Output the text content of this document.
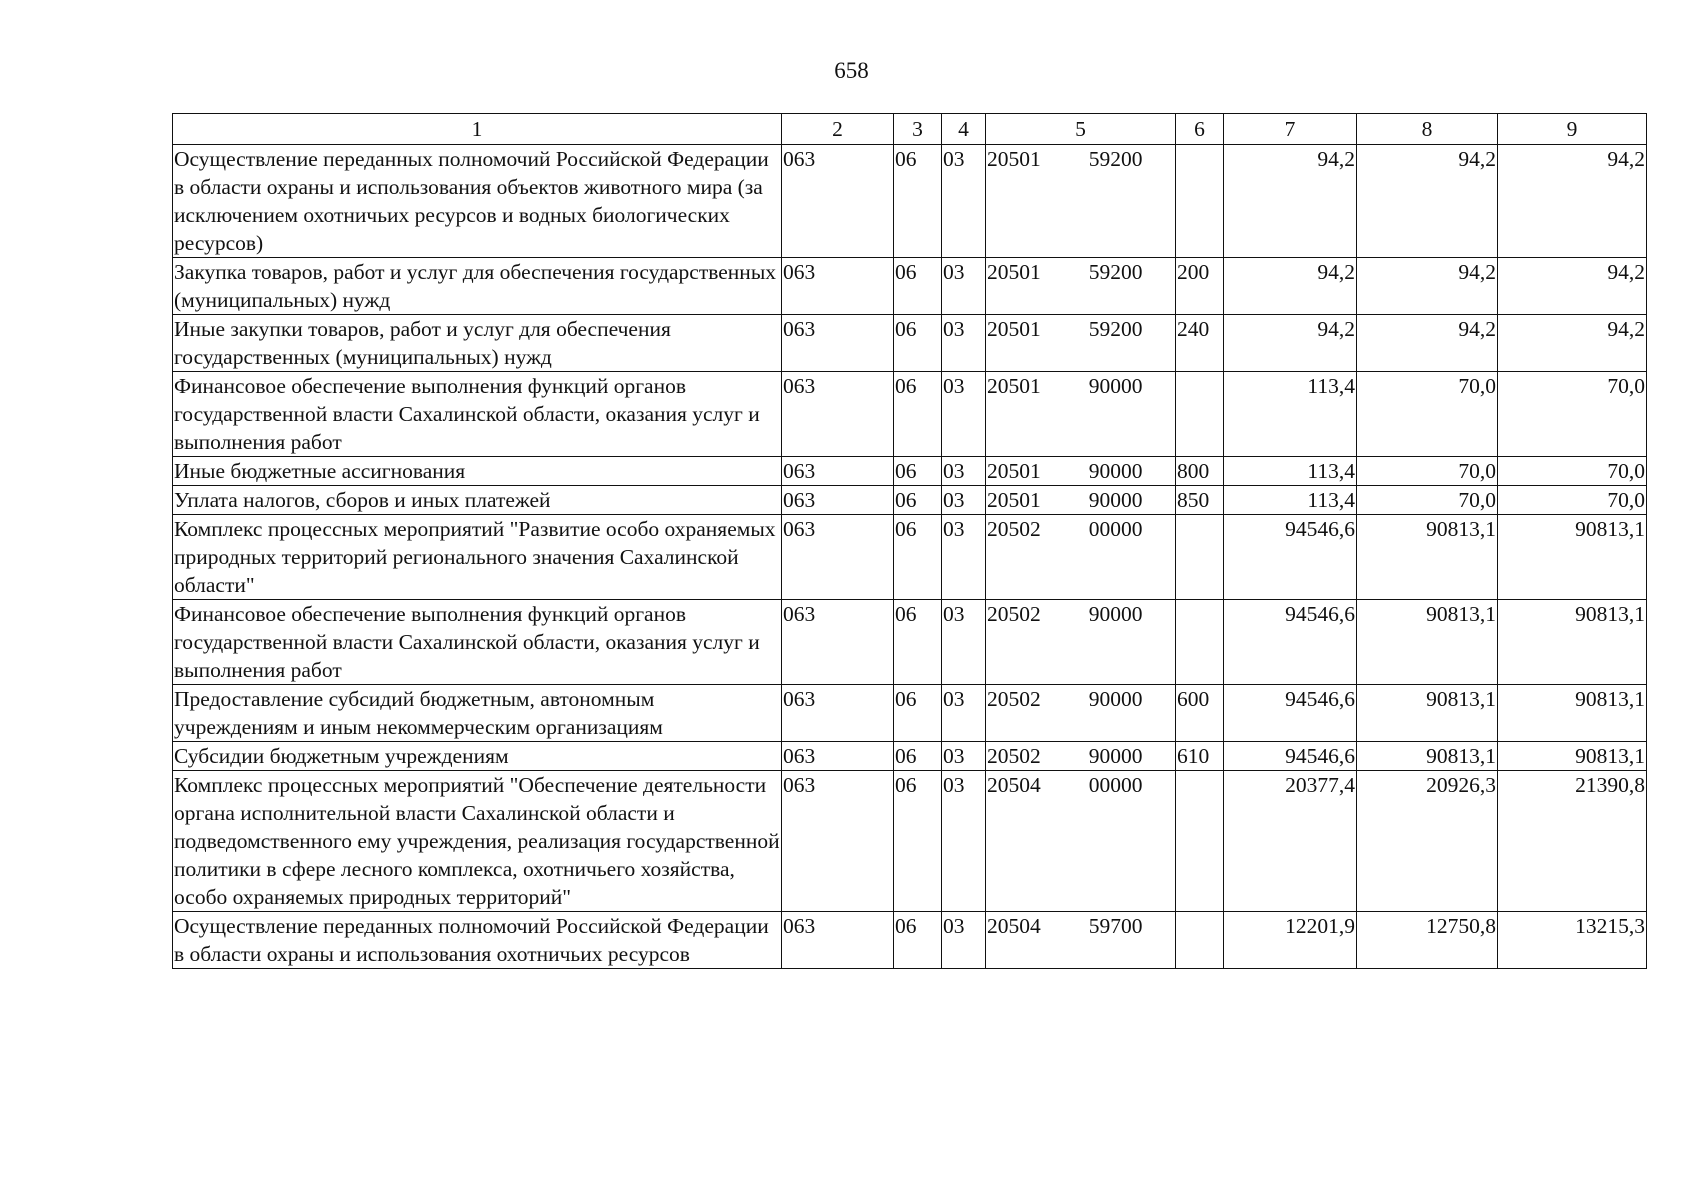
658
1	2	3	4	5	6	7	8	9
Осуществление переданных полномочий Российской Федерации в области охраны и использования объектов животного мира (за исключением охотничьих ресурсов и водных биологических ресурсов)	063	06	03	20501 59200		94,2	94,2	94,2
Закупка товаров, работ и услуг для обеспечения государственных (муниципальных) нужд	063	06	03	20501 59200	200	94,2	94,2	94,2
Иные закупки товаров, работ и услуг для обеспечения государственных (муниципальных) нужд	063	06	03	20501 59200	240	94,2	94,2	94,2
Финансовое обеспечение выполнения функций органов государственной власти Сахалинской области, оказания услуг и выполнения работ	063	06	03	20501 90000		113,4	70,0	70,0
Иные бюджетные ассигнования	063	06	03	20501 90000	800	113,4	70,0	70,0
Уплата налогов, сборов и иных платежей	063	06	03	20501 90000	850	113,4	70,0	70,0
Комплекс процессных мероприятий "Развитие особо охраняемых природных территорий регионального значения Сахалинской области"	063	06	03	20502 00000		94546,6	90813,1	90813,1
Финансовое обеспечение выполнения функций органов государственной власти Сахалинской области, оказания услуг и выполнения работ	063	06	03	20502 90000		94546,6	90813,1	90813,1
Предоставление субсидий бюджетным, автономным учреждениям и иным некоммерческим организациям	063	06	03	20502 90000	600	94546,6	90813,1	90813,1
Субсидии бюджетным учреждениям	063	06	03	20502 90000	610	94546,6	90813,1	90813,1
Комплекс процессных мероприятий "Обеспечение деятельности органа исполнительной власти Сахалинской области и подведомственного ему учреждения, реализация государственной политики в сфере лесного комплекса, охотничьего хозяйства, особо охраняемых природных территорий"	063	06	03	20504 00000		20377,4	20926,3	21390,8
Осуществление переданных полномочий Российской Федерации в области охраны и использования охотничьих ресурсов	063	06	03	20504 59700		12201,9	12750,8	13215,3
